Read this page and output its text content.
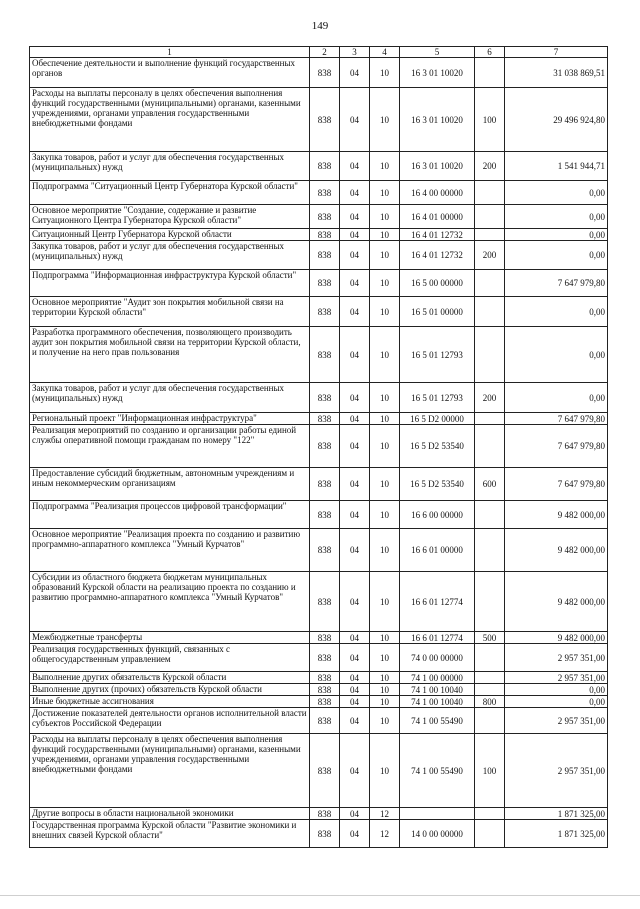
149
1	2	3	4	5	6	7
Обеспечение деятельности и выполнение функций государственных органов	838	04	10	16 3 01 10020		31 038 869,51
Расходы на выплаты персоналу в целях обеспечения выполнения функций государственными (муниципальными) органами, казенными учреждениями, органами управления государственными внебюджетными фондами	838	04	10	16 3 01 10020	100	29 496 924,80
Закупка товаров, работ и услуг для обеспечения государственных (муниципальных) нужд	838	04	10	16 3 01 10020	200	1 541 944,71
Подпрограмма "Ситуационный Центр Губернатора Курской области"	838	04	10	16 4 00 00000		0,00
Основное мероприятие "Создание, содержание и развитие Ситуационного Центра Губернатора Курской области"	838	04	10	16 4 01 00000		0,00
Ситуационный Центр Губернатора Курской области	838	04	10	16 4 01 12732		0,00
Закупка товаров, работ и услуг для обеспечения государственных (муниципальных) нужд	838	04	10	16 4 01 12732	200	0,00
Подпрограмма "Информационная инфраструктура Курской области"	838	04	10	16 5 00 00000		7 647 979,80
Основное мероприятие "Аудит зон покрытия мобильной связи на территории Курской области"	838	04	10	16 5 01 00000		0,00
Разработка программного обеспечения, позволяющего производить аудит зон покрытия мобильной связи на территории Курской области, и получение на него прав пользования	838	04	10	16 5 01 12793		0,00
Закупка товаров, работ и услуг для обеспечения государственных (муниципальных) нужд	838	04	10	16 5 01 12793	200	0,00
Региональный проект "Информационная инфраструктура"	838	04	10	16 5 D2 00000		7 647 979,80
Реализация мероприятий по созданию и организации работы единой службы оперативной помощи гражданам по номеру "122"	838	04	10	16 5 D2 53540		7 647 979,80
Предоставление субсидий бюджетным, автономным учреждениям и иным некоммерческим организациям	838	04	10	16 5 D2 53540	600	7 647 979,80
Подпрограмма "Реализация процессов цифровой трансформации"	838	04	10	16 6 00 00000		9 482 000,00
Основное мероприятие "Реализация проекта по созданию и развитию программно-аппаратного комплекса "Умный Курчатов"	838	04	10	16 6 01 00000		9 482 000,00
Субсидии из областного бюджета бюджетам муниципальных образований Курской области на реализацию проекта по созданию и развитию программно-аппаратного комплекса "Умный Курчатов"	838	04	10	16 6 01 12774		9 482 000,00
Межбюджетные трансферты	838	04	10	16 6 01 12774	500	9 482 000,00
Реализация государственных функций, связанных с общегосударственным управлением	838	04	10	74 0 00 00000		2 957 351,00
Выполнение других обязательств Курской области	838	04	10	74 1 00 00000		2 957 351,00
Выполнение других (прочих) обязательств Курской области	838	04	10	74 1 00 10040		0,00
Иные бюджетные ассигнования	838	04	10	74 1 00 10040	800	0,00
Достижение показателей деятельности органов исполнительной власти субъектов Российской Федерации	838	04	10	74 1 00 55490		2 957 351,00
Расходы на выплаты персоналу в целях обеспечения выполнения функций государственными (муниципальными) органами, казенными учреждениями, органами управления государственными внебюджетными фондами	838	04	10	74 1 00 55490	100	2 957 351,00
Другие вопросы в области национальной экономики	838	04	12			1 871 325,00
Государственная программа Курской области "Развитие экономики и внешних связей Курской области"	838	04	12	14 0 00 00000		1 871 325,00
